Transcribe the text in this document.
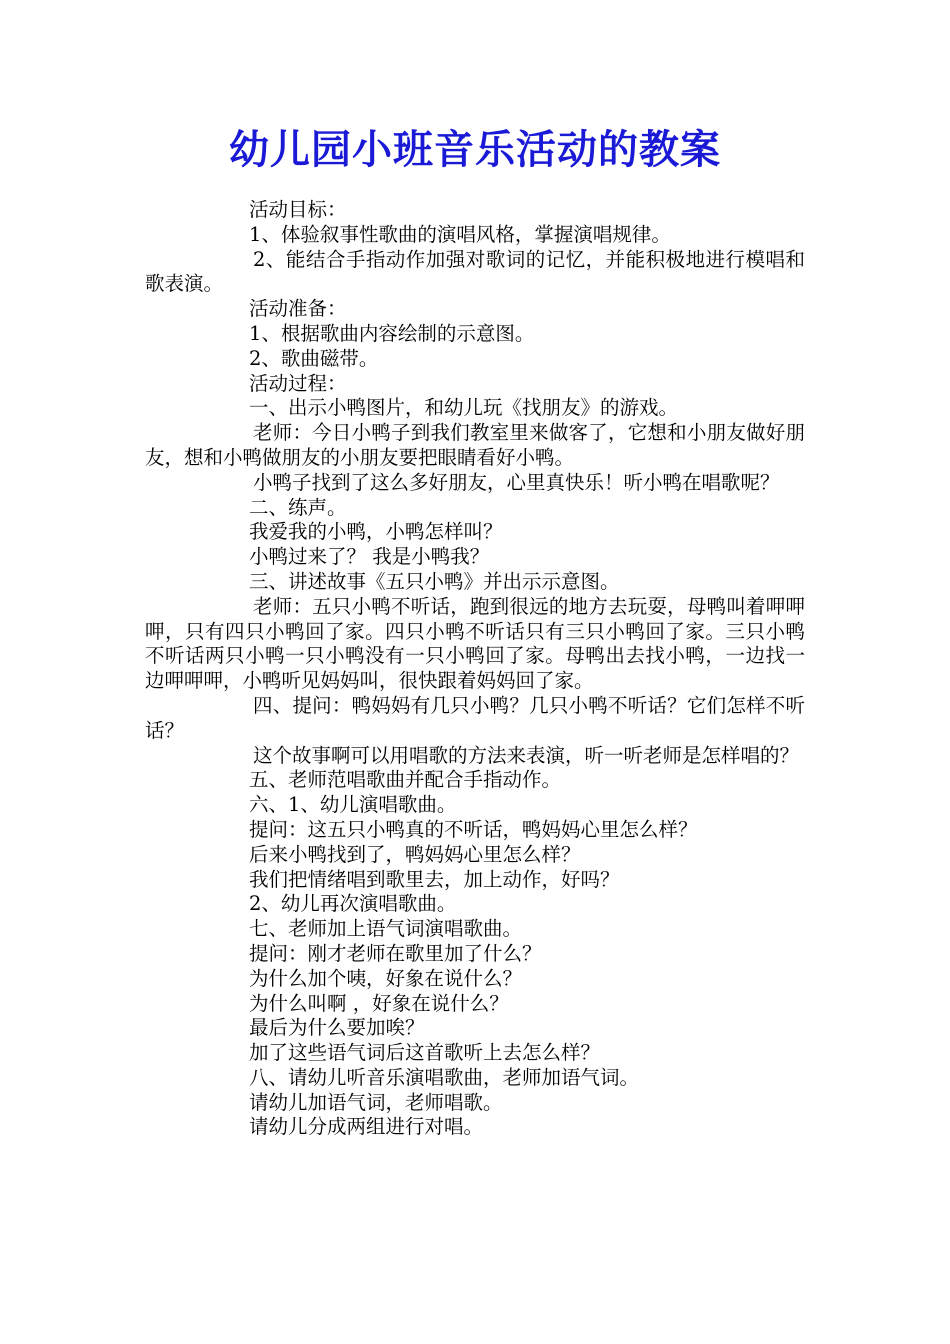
幼儿园小班音乐活动的教案
活动目标：
1、体验叙事性歌曲的演唱风格，掌握演唱规律。
2、能结合手指动作加强对歌词的记忆，并能积极地进行模唱和歌表演。
活动准备：
1、根据歌曲内容绘制的示意图。
2、歌曲磁带。
活动过程：
一、出示小鸭图片，和幼儿玩《找朋友》的游戏。
老师：今日小鸭子到我们教室里来做客了，它想和小朋友做好朋友，想和小鸭做朋友的小朋友要把眼睛看好小鸭。
小鸭子找到了这么多好朋友，心里真快乐！听小鸭在唱歌呢？
二、练声。
我爱我的小鸭，小鸭怎样叫？
小鸭过来了？ 我是小鸭我？
三、讲述故事《五只小鸭》并出示示意图。
老师：五只小鸭不听话，跑到很远的地方去玩耍，母鸭叫着呷呷呷，只有四只小鸭回了家。四只小鸭不听话只有三只小鸭回了家。三只小鸭不听话两只小鸭一只小鸭没有一只小鸭回了家。母鸭出去找小鸭，一边找一边呷呷呷，小鸭听见妈妈叫，很快跟着妈妈回了家。
四、提问：鸭妈妈有几只小鸭？几只小鸭不听话？它们怎样不听话？
这个故事啊可以用唱歌的方法来表演，听一听老师是怎样唱的？
五、老师范唱歌曲并配合手指动作。
六、1、幼儿演唱歌曲。
提问：这五只小鸭真的不听话，鸭妈妈心里怎么样？
后来小鸭找到了，鸭妈妈心里怎么样？
我们把情绪唱到歌里去，加上动作，好吗？
2、幼儿再次演唱歌曲。
七、老师加上语气词演唱歌曲。
提问：刚才老师在歌里加了什么？
为什么加个咦，好象在说什么？
为什么叫啊 ，好象在说什么？
最后为什么要加唉？
加了这些语气词后这首歌听上去怎么样？
八、请幼儿听音乐演唱歌曲，老师加语气词。
请幼儿加语气词，老师唱歌。
请幼儿分成两组进行对唱。
